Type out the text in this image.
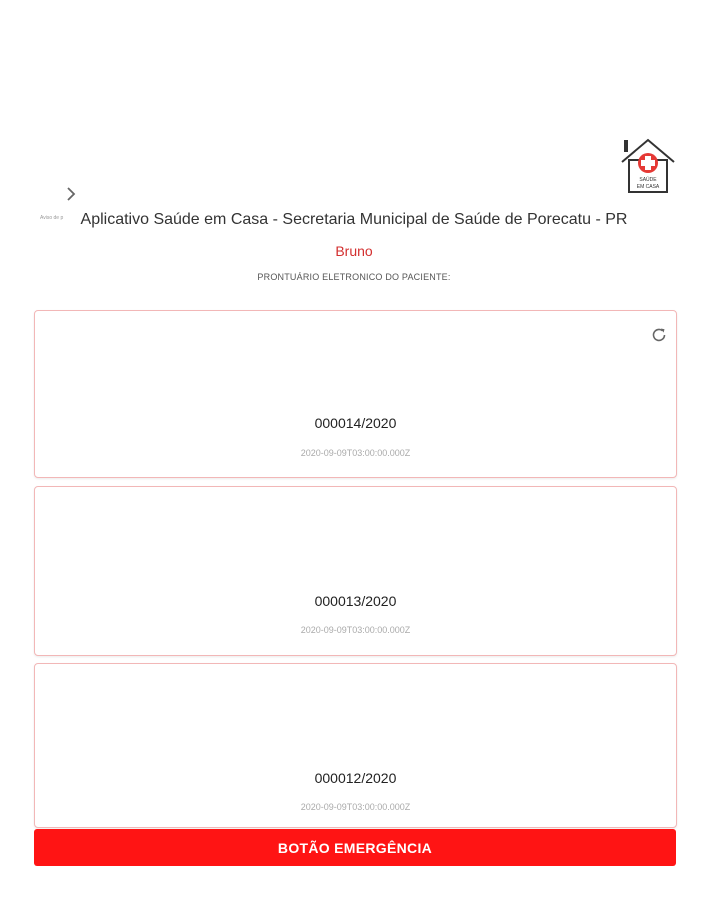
Aviso de p
SAÚDE
EM CASA
Aplicativo Saúde em Casa - Secretaria Municipal de Saúde de Porecatu - PR
Bruno
PRONTUÁRIO ELETRONICO DO PACIENTE:
000014/2020
2020-09-09T03:00:00.000Z
000013/2020
2020-09-09T03:00:00.000Z
000012/2020
2020-09-09T03:00:00.000Z
BOTÃO EMERGÊNCIA
